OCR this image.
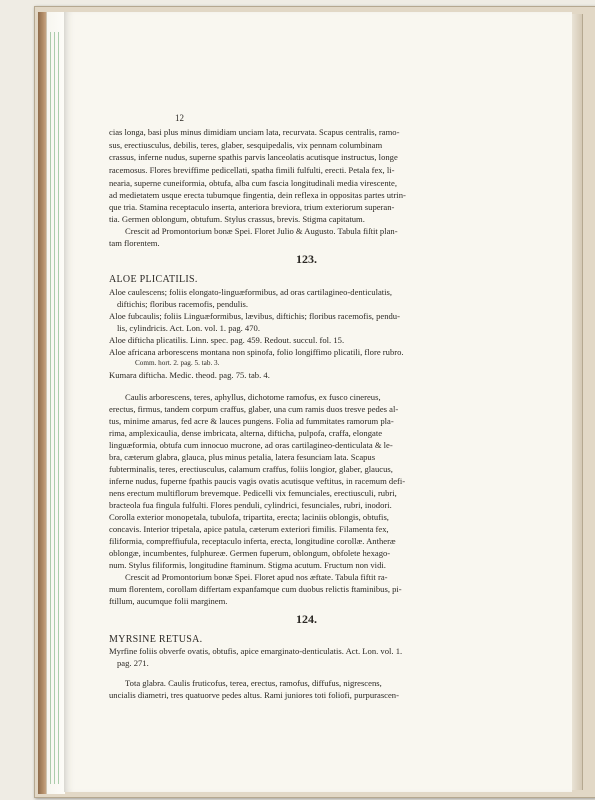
12
cias longa, basi plus minus dimidiam unciam lata, recurvata. Scapus centralis, ramo-
sus, erectiusculus, debilis, teres, glaber, sesquipedalis, vix pennam columbinam
crassus, inferne nudus, superne spathis parvis lanceolatis acutisque instructus, longe
racemosus. Flores breviffime pedicellati, spatha fimili fulfulti, erecti. Petala fex, li-
nearia, superne cuneiformia, obtufa, alba cum fascia longitudinali media virescente,
ad medietatem usque erecta tubumque fingentia, dein reflexa in oppositas partes utrin-
que tria. Stamina receptaculo inserta, anteriora breviora, trium exteriorum superan-
tia. Germen oblongum, obtufum. Stylus crassus, brevis. Stigma capitatum.
Crescit ad Promontorium bonæ Spei. Floret Julio & Augusto. Tabula fiſtit plan-
tam florentem.
123.
ALOE PLICATILIS.
Aloe caulescens; foliis elongato-linguæformibus, ad oras cartilagineo-denticulatis,
diftichis; floribus racemofis, pendulis.
Aloe fubcaulis; foliis Linguæformibus, lævibus, diftichis; floribus racemofis, pendu-
lis, cylindricis. Act. Lon. vol. 1. pag. 470.
Aloe difticha plicatilis. Linn. spec. pag. 459. Redout. succul. fol. 15.
Aloe africana arborescens montana non spinofa, folio longiffimo plicatili, flore rubro.
Comm. hort. 2. pag. 5. tab. 3.
Kumara difticha. Medic. theod. pag. 75. tab. 4.
Caulis arborescens, teres, aphyllus, dichotome ramofus, ex fusco cinereus,
erectus, firmus, tandem corpum craffus, glaber, una cum ramis duos tresve pedes al-
tus, minime amarus, fed acre & lauces pungens. Folia ad fummitates ramorum pla-
rima, amplexicaulia, dense imbricata, alterna, difticha, pulpofa, craffa, elongate
linguæformia, obtufa cum innocuo mucrone, ad oras cartilagineo-denticulata & le-
bra, cæterum glabra, glauca, plus minus petalia, latera fesunciam lata. Scapus
fubterminalis, teres, erectiusculus, calamum craffus, foliis longior, glaber, glaucus,
inferne nudus, fuperne fpathis paucis vagis ovatis acutisque veftitus, in racemum defi-
nens erectum multiflorum brevemque. Pedicelli vix femunciales, erectiusculi, rubri,
bracteola fua fingula fulfulti. Flores penduli, cylindrici, fesunciales, rubri, inodori.
Corolla exterior monopetala, tubulofa, tripartita, erecta; laciniis oblongis, obtufis,
concavis. Interior tripetala, apice patula, cæterum exteriori fimilis. Filamenta fex,
filiformia, compreffiufula, receptaculo inferta, erecta, longitudine corollæ. Antheræ
oblongæ, incumbentes, fulphureæ. Germen fuperum, oblongum, obfolete hexago-
num. Stylus filiformis, longitudine ftaminum. Stigma acutum. Fructum non vidi.
Crescit ad Promontorium bonæ Spei. Floret apud nos æftate. Tabula fiftit ra-
mum florentem, corollam differtam expanfamque cum duobus relictis ftaminibus, pi-
ftillum, aucumque folii marginem.
124.
MYRSINE RETUSA.
Myrfine foliis obverfe ovatis, obtufis, apice emarginato-denticulatis. Act. Lon. vol. 1.
pag. 271.
Tota glabra. Caulis fruticofus, terea, erectus, ramofus, diffufus, nigrescens,
uncialis diametri, tres quatuorve pedes altus. Rami juniores toti foliofi, purpurascen-
